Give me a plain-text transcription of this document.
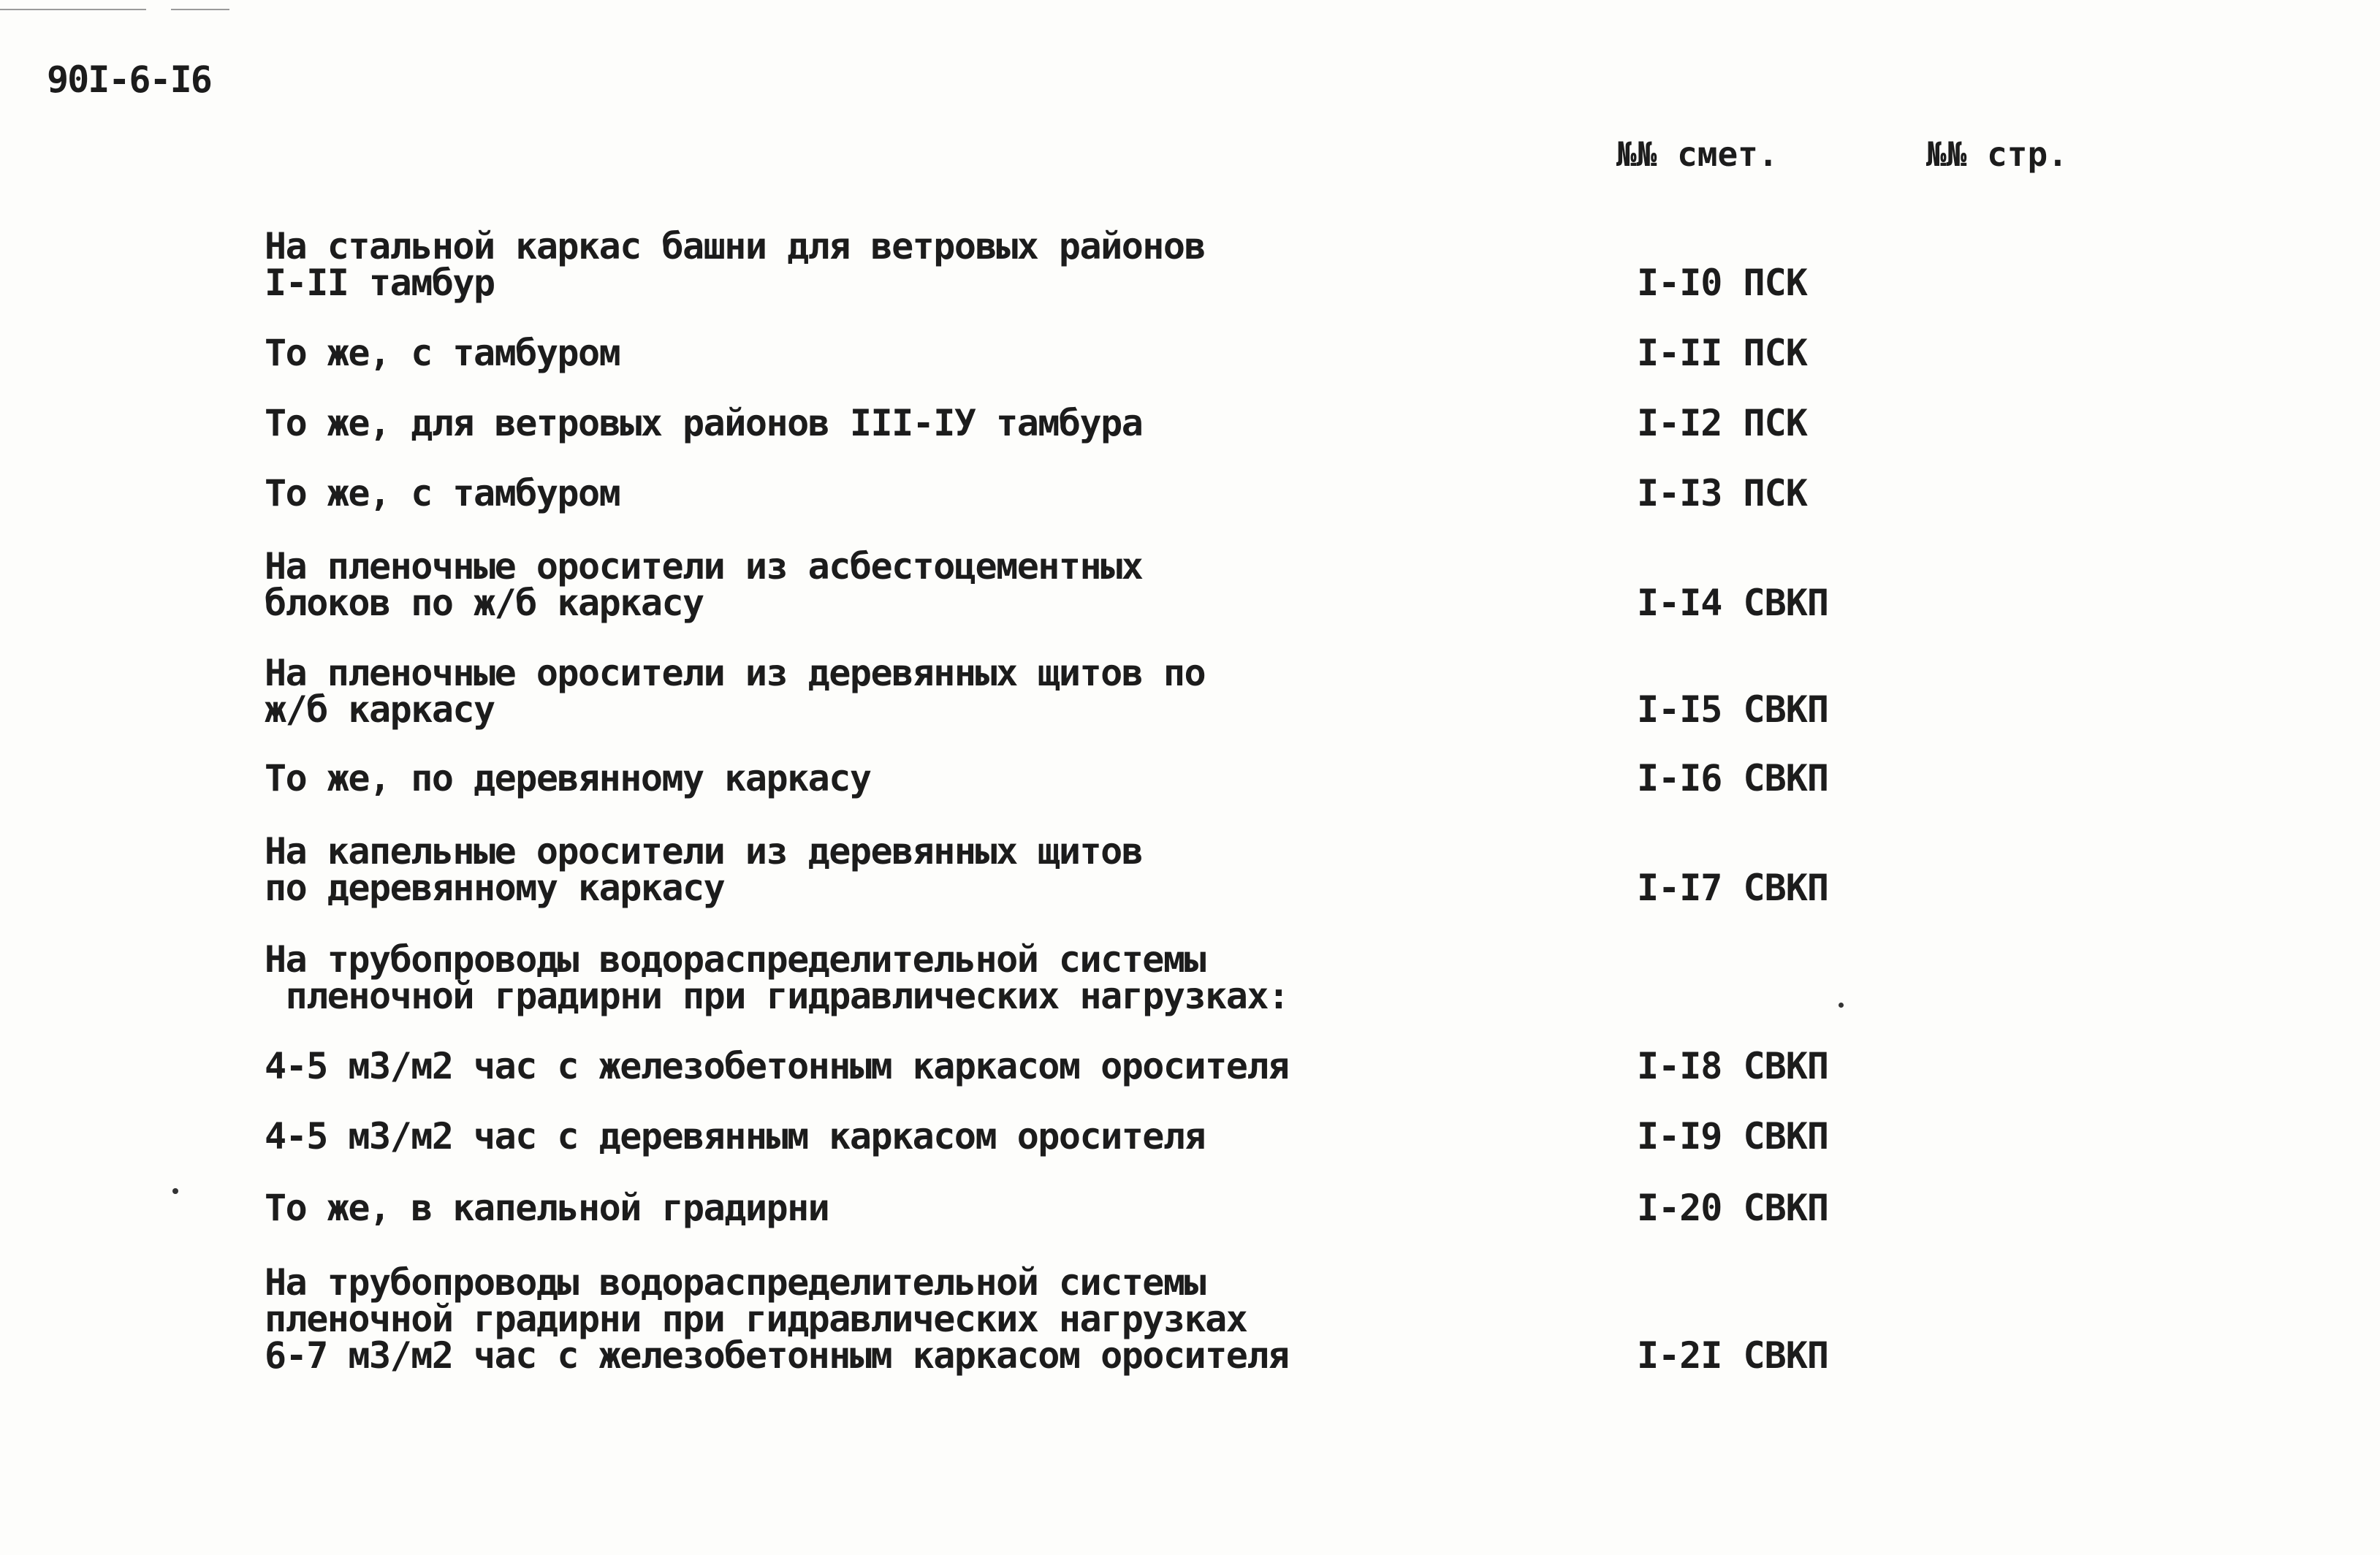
90I-6-I6
№№ смет.	№№ стр.
На стальной каркас башни для ветровых районов
I-II тамбур	I-I0 ПСК
То же, с тамбуром	I-II ПСК
То же, для ветровых районов III-IУ тамбура	I-I2 ПСК
То же, с тамбуром	I-I3 ПСК
На пленочные оросители из асбестоцементных
блоков по ж/б каркасу	I-I4 СВКП
На пленочные оросители из деревянных щитов по
ж/б каркасу	I-I5 СВКП
То же, по деревянному каркасу	I-I6 СВКП
На капельные оросители из деревянных щитов
по деревянному каркасу	I-I7 СВКП
На трубопроводы водораспределительной системы
пленочной градирни при гидравлических нагрузках:
4-5 м3/м2 час с железобетонным каркасом оросителя	I-I8 СВКП
4-5 м3/м2 час с деревянным каркасом оросителя	I-I9 СВКП
То же, в капельной градирни	I-20 СВКП
На трубопроводы водораспределительной системы
пленочной градирни при гидравлических нагрузках
6-7 м3/м2 час с железобетонным каркасом оросителя	I-2I СВКП
